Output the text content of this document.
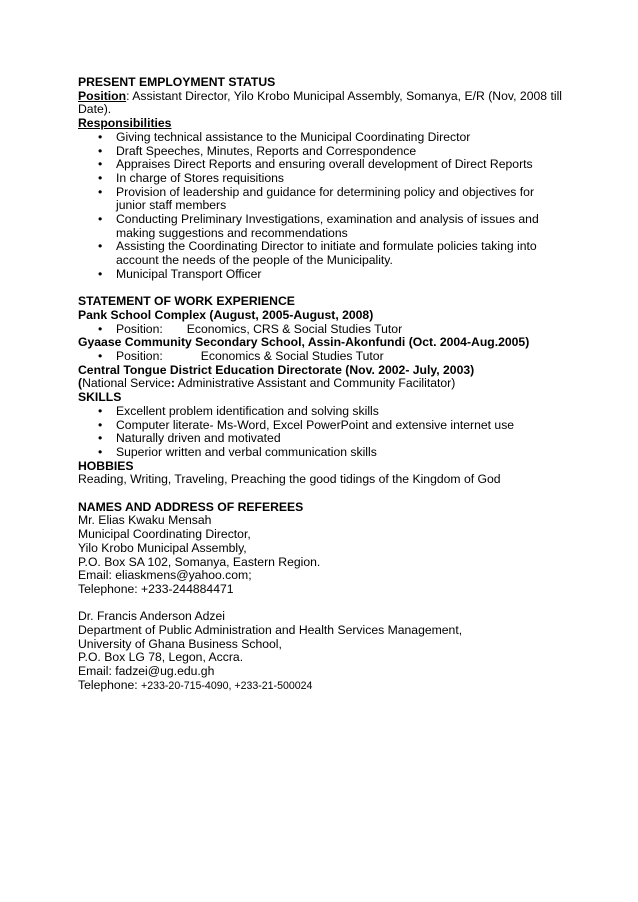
PRESENT EMPLOYMENT STATUS
Position: Assistant Director, Yilo Krobo Municipal Assembly, Somanya, E/R (Nov, 2008 till Date).
Responsibilities
• Giving technical assistance to the Municipal Coordinating Director
• Draft Speeches, Minutes, Reports and Correspondence
• Appraises Direct Reports and ensuring overall development of Direct Reports
• In charge of Stores requisitions
• Provision of leadership and guidance for determining policy and objectives for junior staff members
• Conducting Preliminary Investigations, examination and analysis of issues and making suggestions and recommendations
• Assisting the Coordinating Director to initiate and formulate policies taking into account the needs of the people of the Municipality.
• Municipal Transport Officer
STATEMENT OF WORK EXPERIENCE
Pank School Complex (August, 2005-August, 2008)
• Position: Economics, CRS & Social Studies Tutor
Gyaase Community Secondary School, Assin-Akonfundi (Oct. 2004-Aug.2005)
• Position:	Economics & Social Studies Tutor
Central Tongue District Education Directorate (Nov. 2002- July, 2003)
(National Service: Administrative Assistant and Community Facilitator)
SKILLS
• Excellent problem identification and solving skills
• Computer literate- Ms-Word, Excel PowerPoint and extensive internet use
• Naturally driven and motivated
• Superior written and verbal communication skills
HOBBIES
Reading, Writing, Traveling, Preaching the good tidings of the Kingdom of God
NAMES AND ADDRESS OF REFEREES
Mr. Elias Kwaku Mensah
Municipal Coordinating Director,
Yilo Krobo Municipal Assembly,
P.O. Box SA 102, Somanya, Eastern Region.
Email: eliaskmens@yahoo.com;
Telephone: +233-244884471
Dr. Francis Anderson Adzei
Department of Public Administration and Health Services Management,
University of Ghana Business School,
P.O. Box LG 78, Legon, Accra.
Email: fadzei@ug.edu.gh
Telephone: +233-20-715-4090, +233-21-500024
